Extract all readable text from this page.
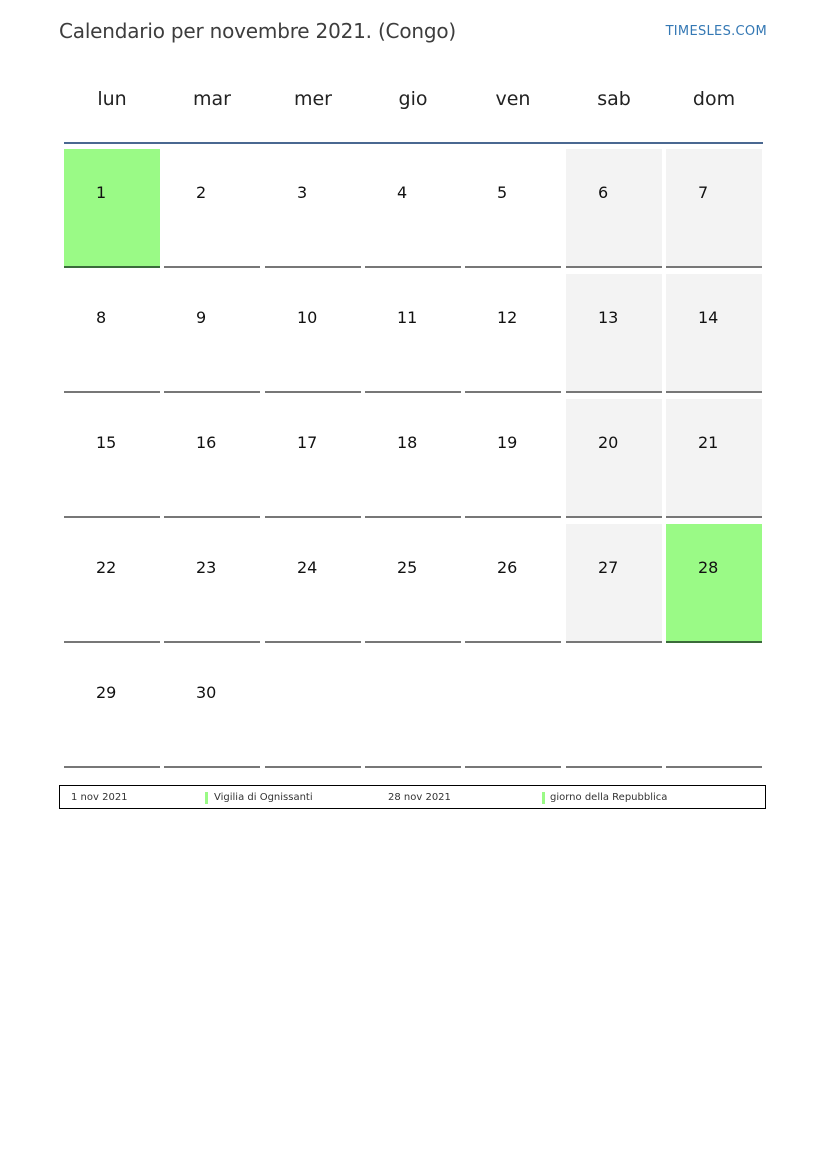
Calendario per novembre 2021. (Congo)	TIMESLES.COM
lun	mar	mer	gio	ven	sab	dom
1	2	3	4	5	6	7
8	9	10	11	12	13	14
15	16	17	18	19	20	21
22	23	24	25	26	27	28
29	30
1 nov 2021	Vigilia di Ognissanti	28 nov 2021	giorno della Repubblica
